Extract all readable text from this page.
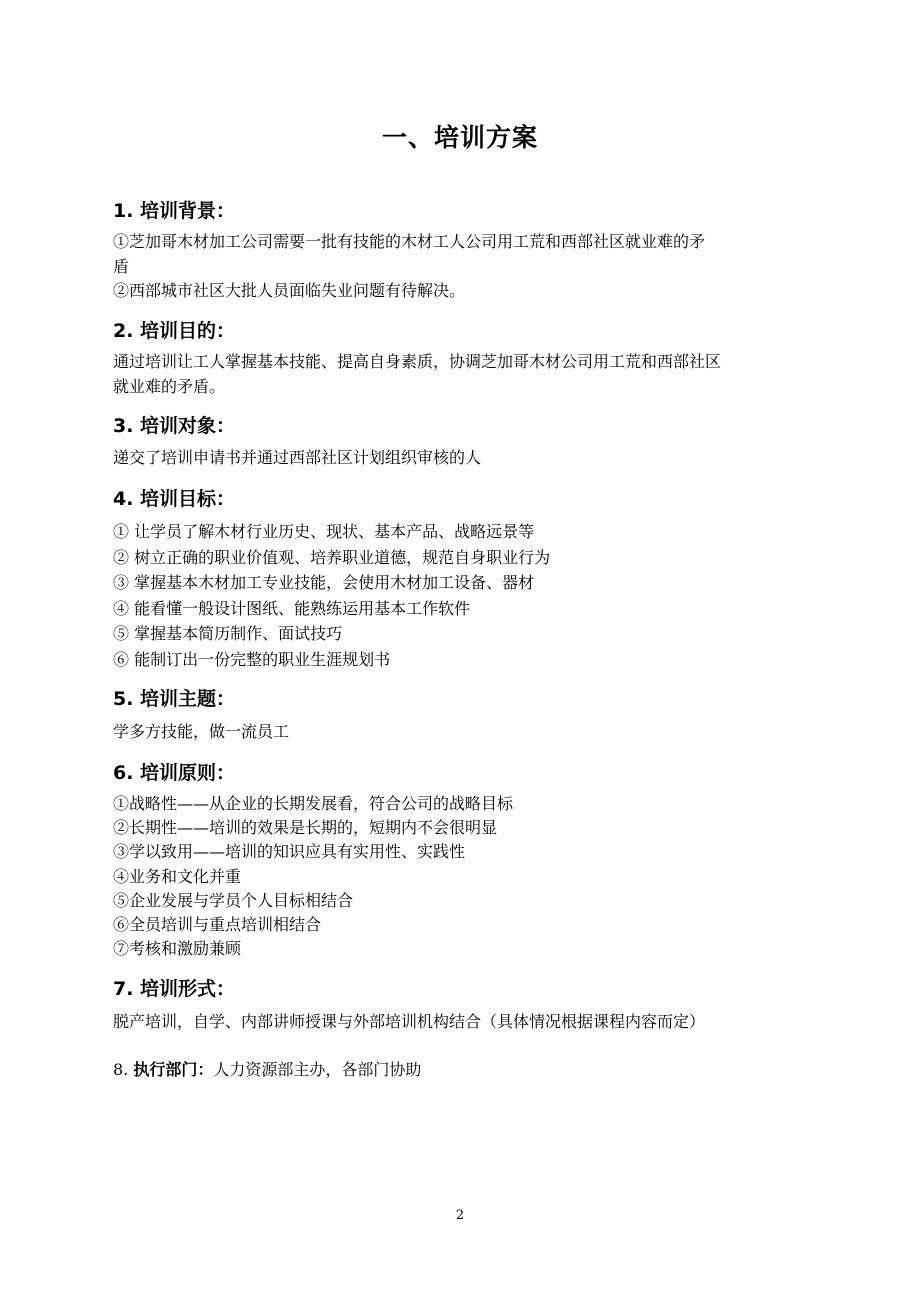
一、培训方案
1. 培训背景：
①芝加哥木材加工公司需要一批有技能的木材工人公司用工荒和西部社区就业难的矛
盾
②西部城市社区大批人员面临失业问题有待解决。
2. 培训目的：
通过培训让工人掌握基本技能、提高自身素质，协调芝加哥木材公司用工荒和西部社区
就业难的矛盾。
3. 培训对象：
递交了培训申请书并通过西部社区计划组织审核的人
4. 培训目标：
① 让学员了解木材行业历史、现状、基本产品、战略远景等
② 树立正确的职业价值观、培养职业道德，规范自身职业行为
③ 掌握基本木材加工专业技能，会使用木材加工设备、器材
④ 能看懂一般设计图纸、能熟练运用基本工作软件
⑤ 掌握基本简历制作、面试技巧
⑥ 能制订出一份完整的职业生涯规划书
5. 培训主题：
学多方技能，做一流员工
6. 培训原则：
①战略性——从企业的长期发展看，符合公司的战略目标
②长期性——培训的效果是长期的，短期内不会很明显
③学以致用——培训的知识应具有实用性、实践性
④业务和文化并重
⑤企业发展与学员个人目标相结合
⑥全员培训与重点培训相结合
⑦考核和激励兼顾
7. 培训形式：
脱产培训，自学、内部讲师授课与外部培训机构结合（具体情况根据课程内容而定）
8. 执行部门：人力资源部主办，各部门协助
2
